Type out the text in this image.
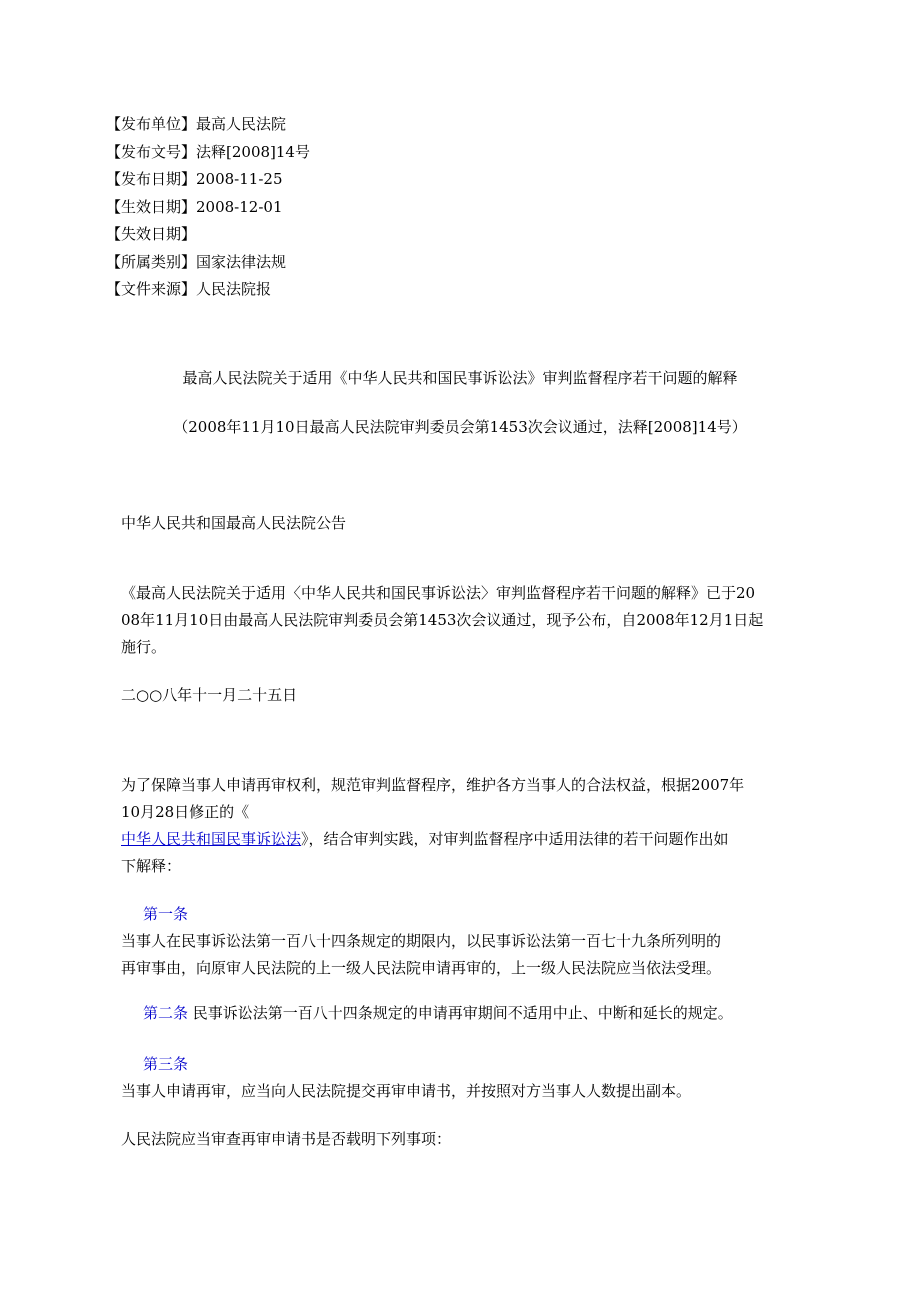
【发布单位】最高人民法院
【发布文号】法释[2008]14号
【发布日期】2008-11-25
【生效日期】2008-12-01
【失效日期】
【所属类别】国家法律法规
【文件来源】人民法院报
最高人民法院关于适用《中华人民共和国民事诉讼法》审判监督程序若干问题的解释
（2008年11月10日最高人民法院审判委员会第1453次会议通过，法释[2008]14号）
中华人民共和国最高人民法院公告
《最高人民法院关于适用〈中华人民共和国民事诉讼法〉审判监督程序若干问题的解释》已于20
08年11月10日由最高人民法院审判委员会第1453次会议通过，现予公布，自2008年12月1日起
施行。
二○○八年十一月二十五日
为了保障当事人申请再审权利，规范审判监督程序，维护各方当事人的合法权益，根据2007年
10月28日修正的《
中华人民共和国民事诉讼法》，结合审判实践，对审判监督程序中适用法律的若干问题作出如
下解释：
第一条
当事人在民事诉讼法第一百八十四条规定的期限内，以民事诉讼法第一百七十九条所列明的
再审事由，向原审人民法院的上一级人民法院申请再审的，上一级人民法院应当依法受理。
第二条 民事诉讼法第一百八十四条规定的申请再审期间不适用中止、中断和延长的规定。
第三条
当事人申请再审，应当向人民法院提交再审申请书，并按照对方当事人人数提出副本。
人民法院应当审查再审申请书是否载明下列事项：
